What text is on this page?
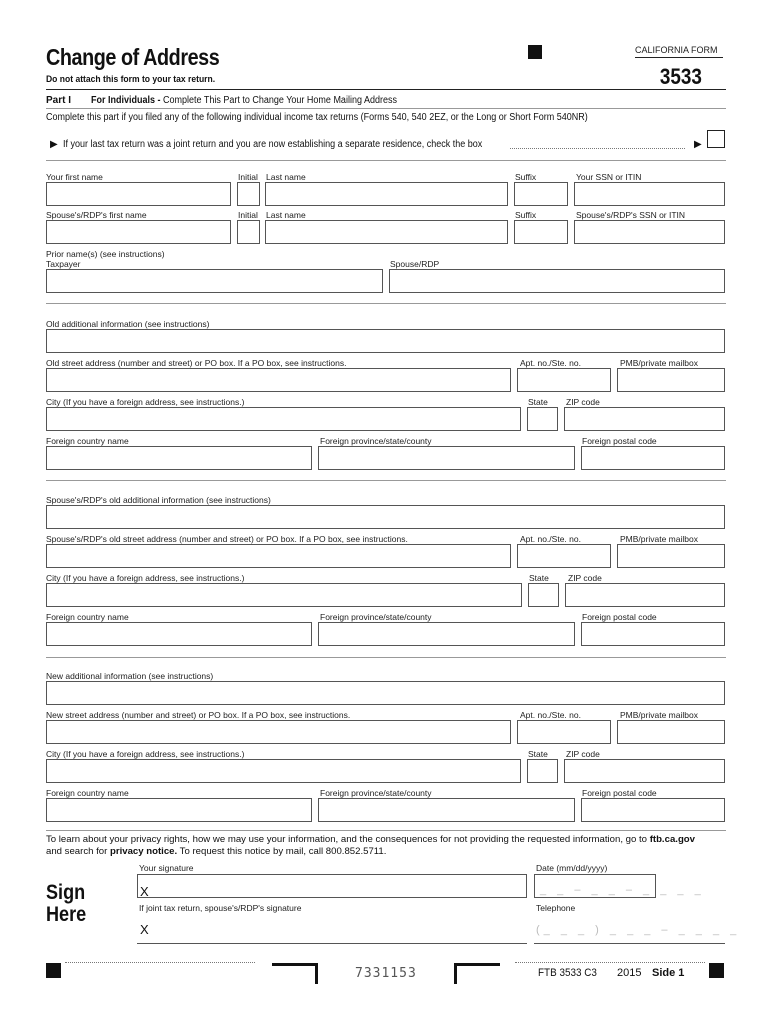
Change of Address	CALIFORNIA FORM
3533
Do not attach this form to your tax return.
Part I For Individuals - Complete This Part to Change Your Home Mailing Address
Complete this part if you filed any of the following individual income tax returns (Forms 540, 540 2EZ, or the Long or Short Form 540NR)
▶ If your last tax return was a joint return and you are now establishing a separate residence, check the box	▶
Your first name	Initial Last name	Suffix	Your SSN or ITIN
Spouse's/RDP's first name	Initial Last name	Suffix	Spouse's/RDP's SSN or ITIN
Prior name(s) (see instructions)
Taxpayer	Spouse/RDP
Old additional information (see instructions)
Old street address (number and street) or PO box. If a PO box, see instructions.	Apt. no./Ste. no.	PMB/private mailbox
City (If you have a foreign address, see instructions.)	State ZIP code
Foreign country name	Foreign province/state/county	Foreign postal code
Spouse's/RDP's old additional information (see instructions)
Spouse's/RDP's old street address (number and street) or PO box. If a PO box, see instructions.	Apt. no./Ste. no.	PMB/private mailbox
City (If you have a foreign address, see instructions.)	State ZIP code
Foreign country name	Foreign province/state/county	Foreign postal code
New additional information (see instructions)
New street address (number and street) or PO box. If a PO box, see instructions.	Apt. no./Ste. no.	PMB/private mailbox
City (If you have a foreign address, see instructions.)	State ZIP code
Foreign country name	Foreign province/state/county	Foreign postal code
To learn about your privacy rights, how we may use your information, and the consequences for not providing the requested information, go to ftb.ca.gov
and search for privacy notice. To request this notice by mail, call 800.852.5711.
Your signature	Date (mm/dd/yyyy)
Sign
Here
X	_ _ – _ _ – _ _ _ _
If joint tax return, spouse's/RDP's signature	Telephone
X	(_ _ _ ) _ _ _ – _ _ _ _
7331153	FTB 3533 C3 2015 Side 1
